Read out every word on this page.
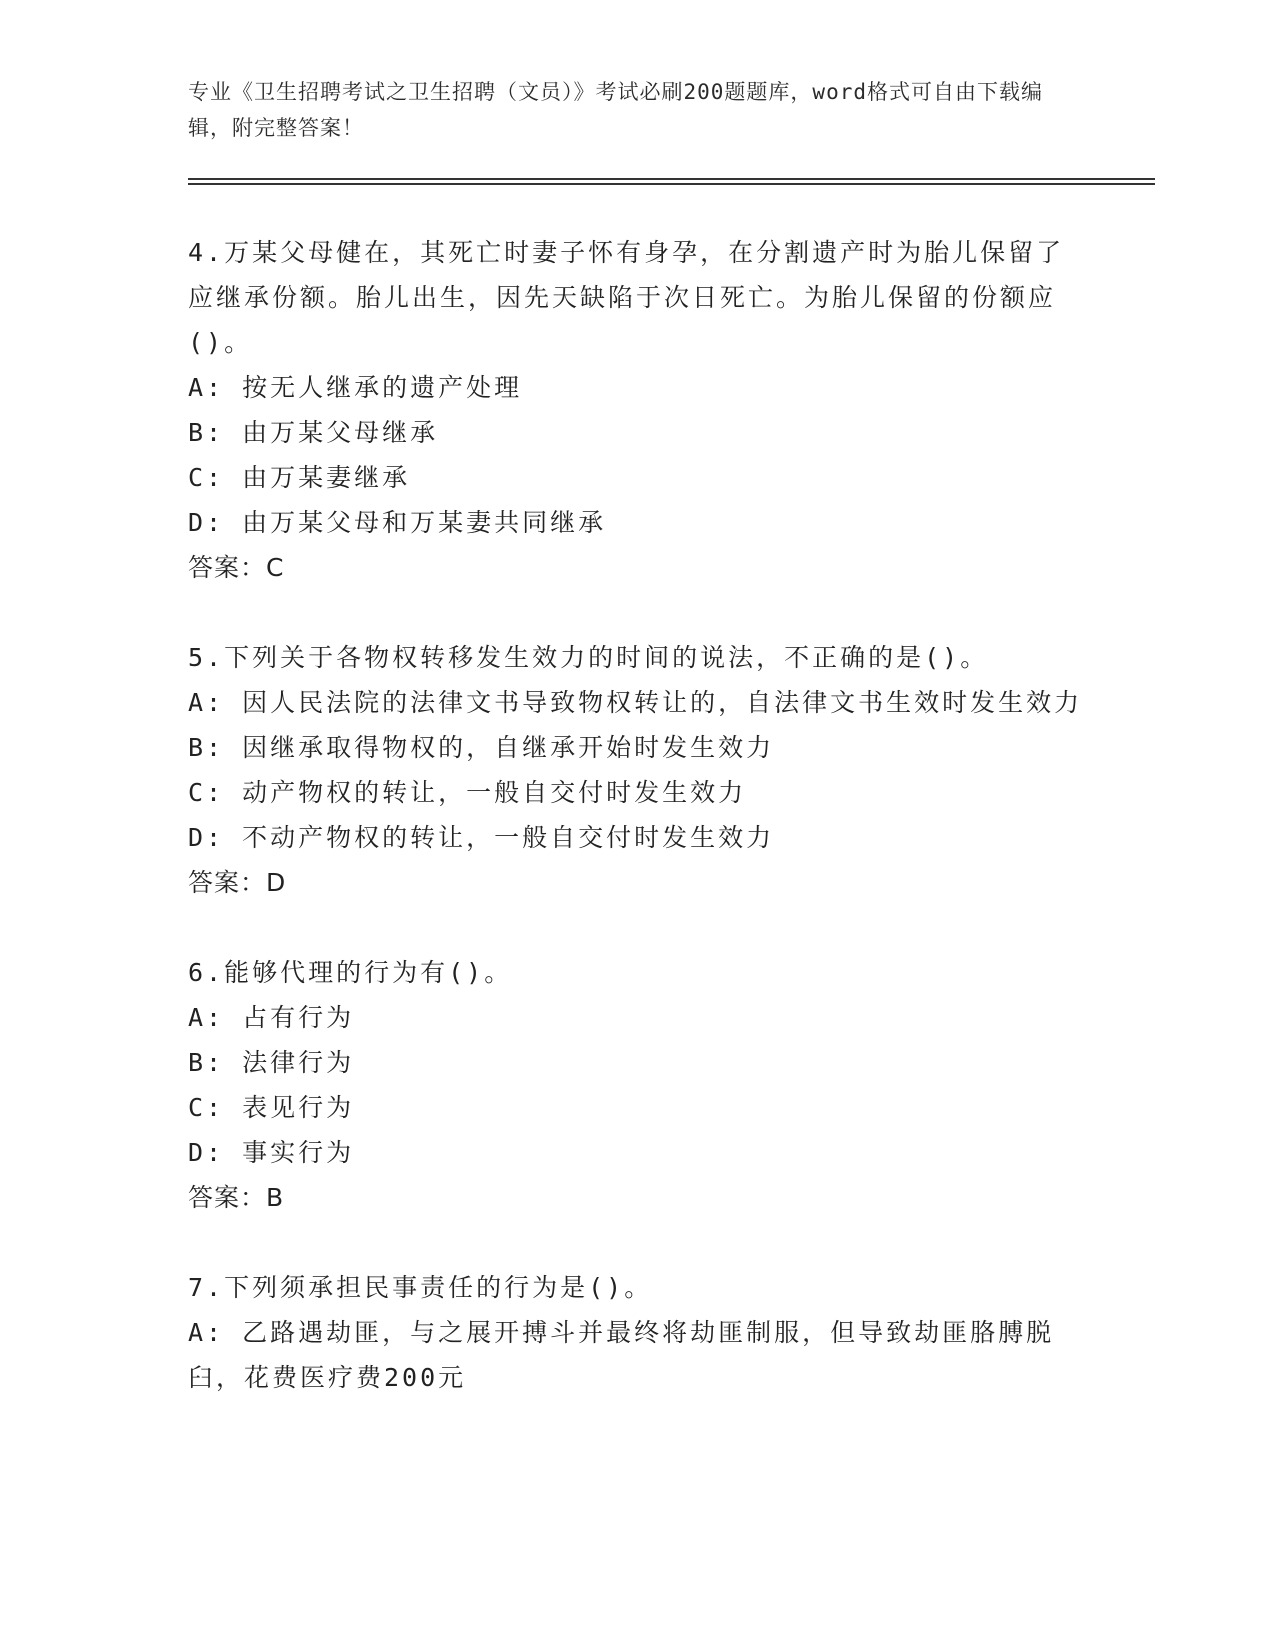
专业《卫生招聘考试之卫生招聘（文员）》考试必刷200题题库，word格式可自由下载编辑，附完整答案！

4.万某父母健在，其死亡时妻子怀有身孕，在分割遗产时为胎儿保留了应继承份额。胎儿出生，因先天缺陷于次日死亡。为胎儿保留的份额应()。

A: 按无人继承的遗产处理

B: 由万某父母继承

C: 由万某妻继承

D: 由万某父母和万某妻共同继承

答案：C

5.下列关于各物权转移发生效力的时间的说法，不正确的是()。

A: 因人民法院的法律文书导致物权转让的，自法律文书生效时发生效力

B: 因继承取得物权的，自继承开始时发生效力

C: 动产物权的转让，一般自交付时发生效力

D: 不动产物权的转让，一般自交付时发生效力

答案：D

6.能够代理的行为有()。

A: 占有行为

B: 法律行为

C: 表见行为

D: 事实行为

答案：B

7.下列须承担民事责任的行为是()。

A: 乙路遇劫匪，与之展开搏斗并最终将劫匪制服，但导致劫匪胳膊脱臼，花费医疗费200元
